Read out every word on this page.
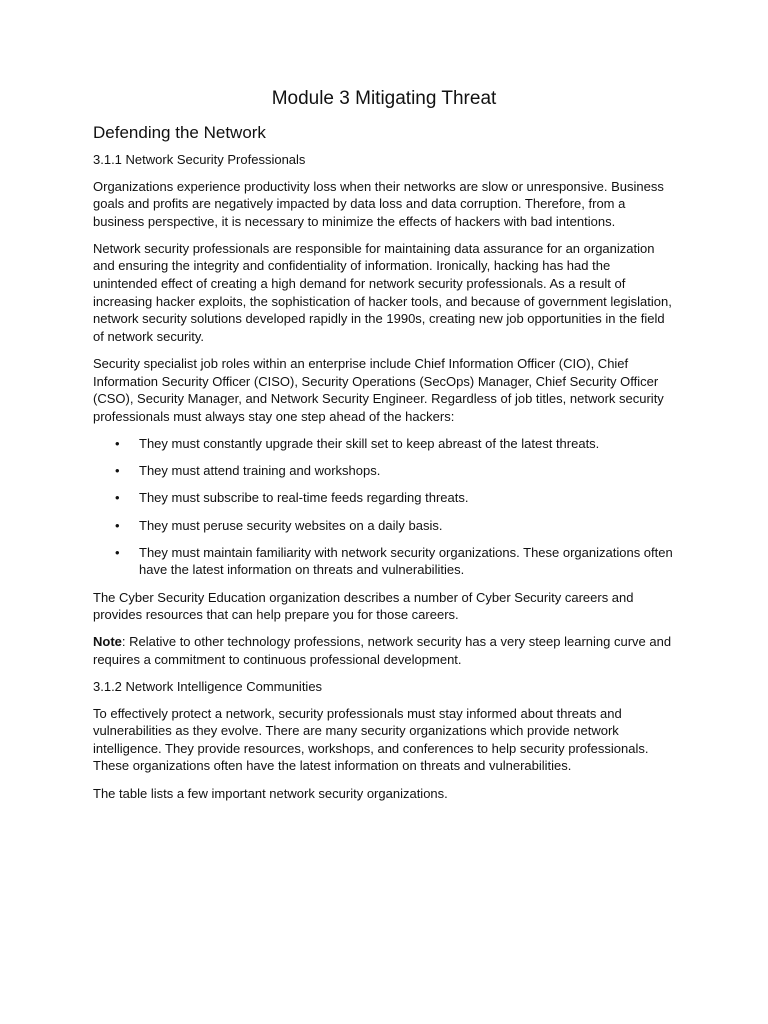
Module 3 Mitigating Threat
Defending the Network
3.1.1 Network Security Professionals

Organizations experience productivity loss when their networks are slow or unresponsive. Business goals and profits are negatively impacted by data loss and data corruption. Therefore, from a business perspective, it is necessary to minimize the effects of hackers with bad intentions.

Network security professionals are responsible for maintaining data assurance for an organization and ensuring the integrity and confidentiality of information. Ironically, hacking has had the unintended effect of creating a high demand for network security professionals. As a result of increasing hacker exploits, the sophistication of hacker tools, and because of government legislation, network security solutions developed rapidly in the 1990s, creating new job opportunities in the field of network security.

Security specialist job roles within an enterprise include Chief Information Officer (CIO), Chief Information Security Officer (CISO), Security Operations (SecOps) Manager, Chief Security Officer (CSO), Security Manager, and Network Security Engineer. Regardless of job titles, network security professionals must always stay one step ahead of the hackers:

• They must constantly upgrade their skill set to keep abreast of the latest threats.
• They must attend training and workshops.
• They must subscribe to real-time feeds regarding threats.
• They must peruse security websites on a daily basis.
• They must maintain familiarity with network security organizations. These organizations often have the latest information on threats and vulnerabilities.

The Cyber Security Education organization describes a number of Cyber Security careers and provides resources that can help prepare you for those careers.

Note: Relative to other technology professions, network security has a very steep learning curve and requires a commitment to continuous professional development.

3.1.2 Network Intelligence Communities

To effectively protect a network, security professionals must stay informed about threats and vulnerabilities as they evolve. There are many security organizations which provide network intelligence. They provide resources, workshops, and conferences to help security professionals. These organizations often have the latest information on threats and vulnerabilities.

The table lists a few important network security organizations.
